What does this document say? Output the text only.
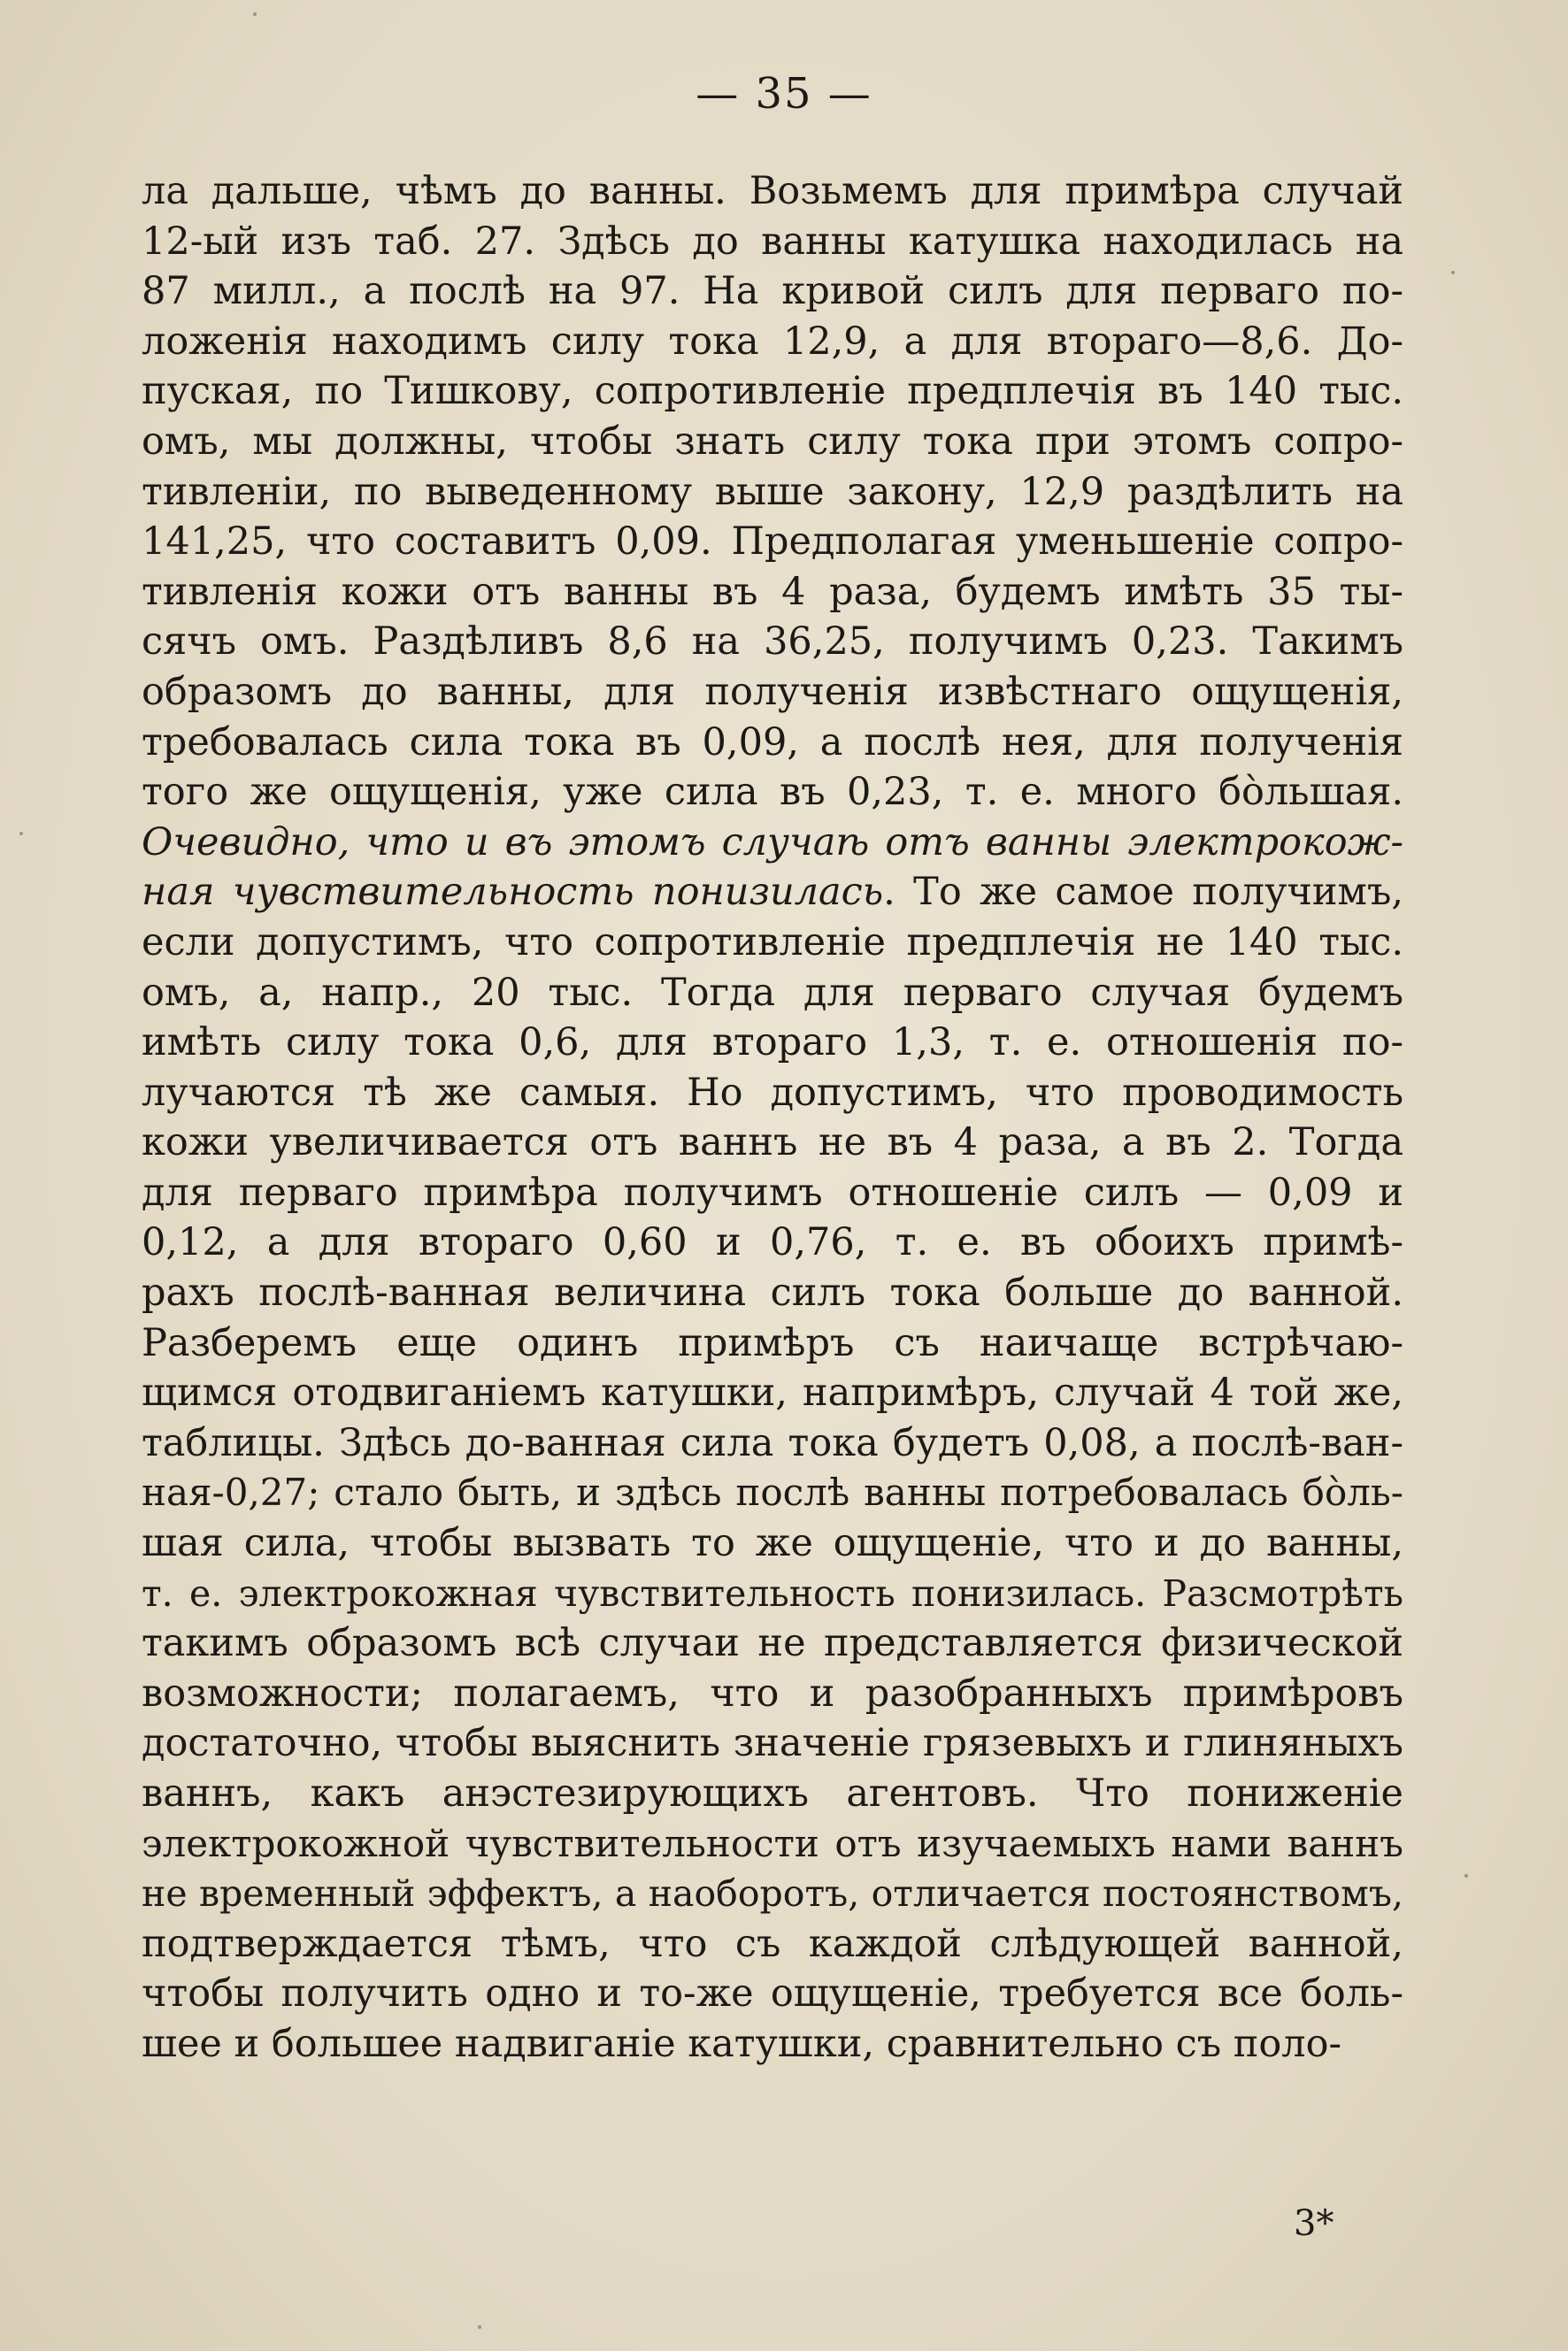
— 35 —
ла дальше, чѣмъ до ванны. Возьмемъ для примѣра случай
12-ый изъ таб. 27. Здѣсь до ванны катушка находилась на
87 милл., а послѣ на 97. На кривой силъ для перваго по-
ложенія находимъ силу тока 12,9, а для втораго—8,6. До-
пуская, по Тишкову, сопротивленіе предплечія въ 140 тыс.
омъ, мы должны, чтобы знать силу тока при этомъ сопро-
тивленіи, по выведенному выше закону, 12,9 раздѣлить на
141,25, что составитъ 0,09. Предполагая уменьшеніе сопро-
тивленія кожи отъ ванны въ 4 раза, будемъ имѣть 35 ты-
сячъ омъ. Раздѣливъ 8,6 на 36,25, получимъ 0,23. Такимъ
образомъ до ванны, для полученія извѣстнаго ощущенія,
требовалась сила тока въ 0,09, а послѣ нея, для полученія
того же ощущенія, уже сила въ 0,23, т. е. много бо̀льшая.
Очевидно, что и въ этомъ случаѣ отъ ванны электрокож-
ная чувствительность понизилась. То же самое получимъ,
если допустимъ, что сопротивленіе предплечія не 140 тыс.
омъ, а, напр., 20 тыс. Тогда для перваго случая будемъ
имѣть силу тока 0,6, для втораго 1,3, т. е. отношенія по-
лучаются тѣ же самыя. Но допустимъ, что проводимость
кожи увеличивается отъ ваннъ не въ 4 раза, а въ 2. Тогда
для перваго примѣра получимъ отношеніе силъ — 0,09 и
0,12, а для втораго 0,60 и 0,76, т. е. въ обоихъ примѣ-
рахъ послѣ-ванная величина силъ тока больше до ванной.
Разберемъ еще одинъ примѣръ съ наичаще встрѣчаю-
щимся отодвиганіемъ катушки, напримѣръ, случай 4 той же,
таблицы. Здѣсь до-ванная сила тока будетъ 0,08, а послѣ-ван-
ная-0,27; стало быть, и здѣсь послѣ ванны потребовалась бо̀ль-
шая сила, чтобы вызвать то же ощущеніе, что и до ванны,
т. е. электрокожная чувствительность понизилась. Разсмотрѣть
такимъ образомъ всѣ случаи не представляется физической
возможности; полагаемъ, что и разобранныхъ примѣровъ
достаточно, чтобы выяснить значеніе грязевыхъ и глиняныхъ
ваннъ, какъ анэстезирующихъ агентовъ. Что пониженіе
электрокожной чувствительности отъ изучаемыхъ нами ваннъ
не временный эффектъ, а наоборотъ, отличается постоянствомъ,
подтверждается тѣмъ, что съ каждой слѣдующей ванной,
чтобы получить одно и то-же ощущеніе, требуется все боль-
шее и большее надвиганіе катушки, сравнительно съ поло-
3*
